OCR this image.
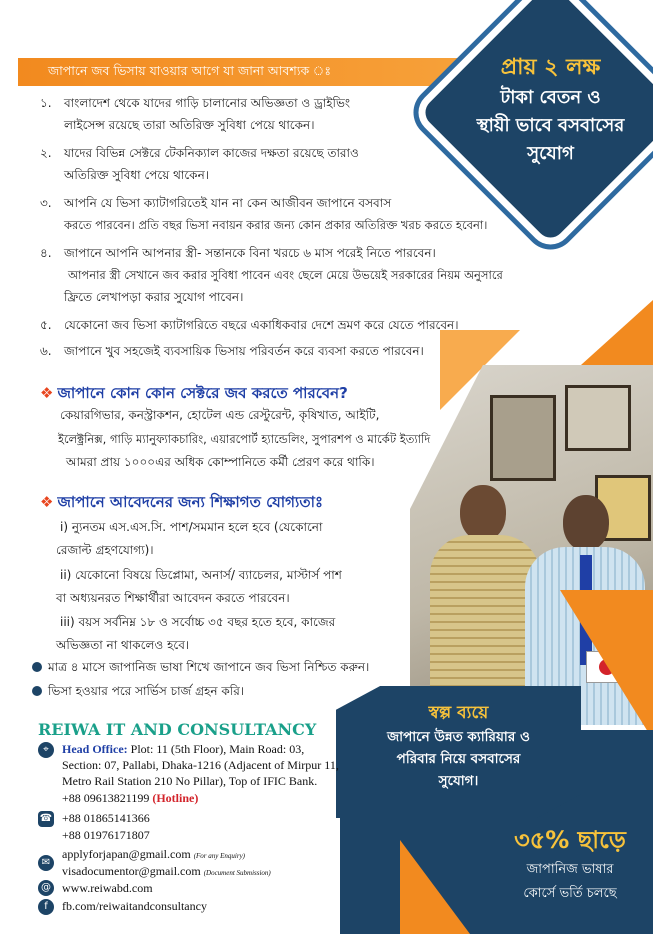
জাপানে জব ভিসায় যাওয়ার আগে যা জানা আবশ্যক ঃ	প্রায় ২ লক্ষ
টাকা বেতন ও
স্থায়ী ভাবে বসবাসের
সুযোগ
১.	বাংলাদেশ থেকে যাদের গাড়ি চালানোর অভিজ্ঞতা ও ড্রাইভিং
লাইসেন্স রয়েছে তারা অতিরিক্ত সুবিধা পেয়ে থাকেন।
২.	যাদের বিভিন্ন সেক্টরে টেকনিক্যাল কাজের দক্ষতা রয়েছে তারাও
অতিরিক্ত সুবিধা পেয়ে থাকেন।
৩.	আপনি যে ভিসা ক্যাটাগরিতেই যান না কেন আজীবন জাপানে বসবাস
করতে পারবেন। প্রতি বছর ভিসা নবায়ন করার জন্য কোন প্রকার অতিরিক্ত খরচ করতে হবেনা।
৪.	জাপানে আপনি আপনার স্ত্রী- সন্তানকে বিনা খরচে ৬ মাস পরেই নিতে পারবেন।
আপনার স্ত্রী সেখানে জব করার সুবিধা পাবেন এবং ছেলে মেয়ে উভয়েই সরকারের নিয়ম অনুসারে
ফ্রিতে লেখাপড়া করার সুযোগ পাবেন।
৫.	যেকোনো জব ভিসা ক্যাটাগরিতে বছরে একাধিকবার দেশে ভ্রমণ করে যেতে পারবেন।
৬.	জাপানে খুব সহজেই ব্যবসায়িক ভিসায় পরিবর্তন করে ব্যবসা করতে পারবেন।
❖ জাপানে কোন কোন সেক্টরে জব করতে পারবেন?
কেয়ারগিভার, কনস্ট্রাকশন, হোটেল এন্ড রেস্টুরেন্ট, কৃষিখাত, আইটি,
ইলেক্ট্রনিক্স, গাড়ি ম্যানুফ্যাকচারিং, এয়ারপোর্ট হ্যান্ডেলিং, সুপারশপ ও মার্কেট ইত্যাদি
আমরা প্রায় ১০০০এর অধিক কোম্পানিতে কর্মী প্রেরণ করে থাকি।
❖ জাপানে আবেদনের জন্য শিক্ষাগত যোগ্যতাঃ
i) ন্যুনতম এস.এস.সি. পাশ/সমমান হলে হবে (যেকোনো
রেজাল্ট গ্রহণযোগ্য)।
ii) যেকোনো বিষয়ে ডিপ্লোমা, অনার্স/ ব্যাচেলর, মাস্টার্স পাশ
বা অধ্যয়নরত শিক্ষার্থীরা আবেদন করতে পারবেন।
iii) বয়স সর্বনিম্ন ১৮ ও সর্বোচ্চ ৩৫ বছর হতে হবে, কাজের
অভিজ্ঞতা না থাকলেও হবে।
মাত্র ৪ মাসে জাপানিজ ভাষা শিখে জাপানে জব ভিসা নিশ্চিত করুন।
ভিসা হওয়ার পরে সার্ভিস চার্জ গ্রহন করি।
স্বল্প ব্যয়ে
জাপানে উন্নত ক্যারিয়ার ও
পরিবার নিয়ে বসবাসের
সুযোগ।
৩৫% ছাড়ে
জাপানিজ ভাষার
কোর্সে ভর্তি চলছে
REIWA IT AND CONSULTANCY
⌖	Head Office: Plot: 11 (5th Floor), Main Road: 03,
Section: 07, Pallabi, Dhaka-1216 (Adjacent of Mirpur 11,
Metro Rail Station 210 No Pillar), Top of IFIC Bank.
+88 09613821199 (Hotline)
☎ +88 01865141366
+88 01976171807
✉
applyforjapan@gmail.com (For any Enquiry)
visadocumentor@gmail.com (Document Submission)
@ www.reiwabd.com
f	fb.com/reiwaitandconsultancy
